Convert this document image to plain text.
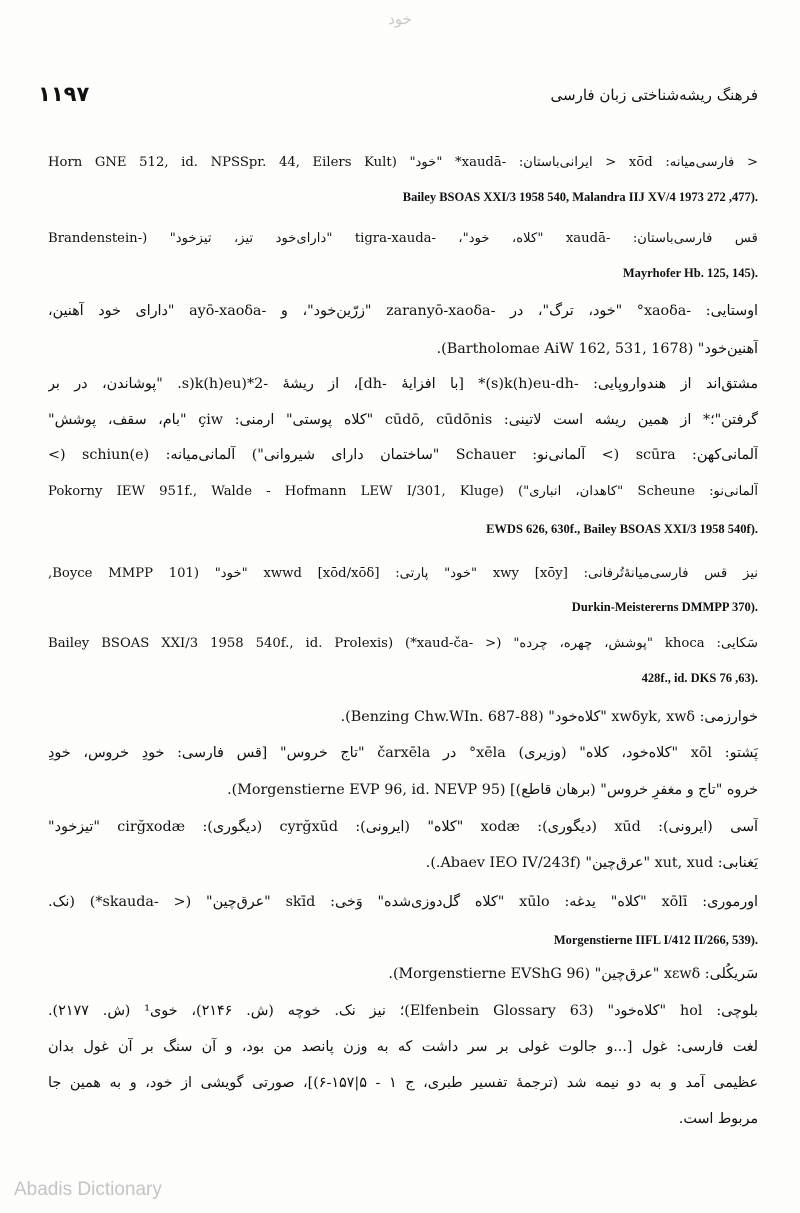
خود
۱۱۹۷	فرهنگ ریشه‌شناختی زبان فارسی
< فارسی‌میانه: xōd < ایرانی‌باستان: -xaudā* "خود" (Horn GNE 512, id. NPSSpr. 44, Eilers Kult
.(477, Bailey BSOAS XXI/3 1958 540, Malandra IIJ XV/4 1973 272
قس فارسی‌باستان: -xaudā "کلاه، خود"، -tigra-xauda "دارای‌خود تیز، تیزخود" (-Brandenstein
.(Mayrhofer Hb. 125, 145
اوستایی: -xaoδa° "خود، ترگ"، در -zaranyō-xaoδa "زرّین‌خود"، و -ayō-xaoδa "دارای خود آهنین،
آهنین‌خود" (Bartholomae AiW 162, 531, 1678).
مشتق‌اند از هندواروپایی: -s)k(h)eu-dh)* [با افزایهٔ -dh]، از ریشهٔ -s)k(h)eu)*2. "پوشاندن، در بر
گرفتن"؛* از همین ریشه است لاتینی: cūdō, cūdōnis "کلاه پوستی" ارمنی: çiw "بام، سقف، پوشش"
آلمانی‌کهن: scūra (> آلمانی‌نو: Schauer "ساختمان دارای شیروانی") آلمانی‌میانه: schiun(e) (>
آلمانی‌نو: Scheune "کاهدان، انباری") (Pokorny IEW 951f., Walde - Hofmann LEW I/301, Kluge
.(EWDS 626, 630f., Bailey BSOAS XXI/3 1958 540f
نیز قس فارسی‌میانهٔ‌تُرفانی: xwy [xōy] "خود" پارتی: xwwd [xōd/xōδ] "خود" (Boyce MMPP 101,
.(Durkin-Meistererns DMMPP 370
سَکایی: khoca "پوشش، چهره، چرده" (< -xaud-ča*) (Bailey BSOAS XXI/3 1958 540f., id. Prolexis
.(63, 428f., id. DKS 76
خوارزمی: xwδyk, xwδ "کلاه‌خود" (Benzing Chw.WIn. 687-88).
پَشتو: xōl "کلاه‌خود، کلاه" (وزیری) xēla° در čarxēla "تاج خروس" [قس فارسی: خودِ خروس، خودِ
خروه "تاج و مغفرِ خروس" (برهان قاطع)] (Morgenstierne EVP 96, id. NEVP 95).
آسی (ایرونی): xūd (دیگوری): xodæ "کلاه" (ایرونی): cyrğxūd (دیگوری): cirğxodæ "تیزخود"
یَغنابی: xut, xud "عرق‌چین" (Abaev IEO IV/243f.).
اورموری: xōlī "کلاه" یدغه: xūlo "کلاه گل‌دوزی‌شده" وَخی: skīd "عرق‌چین" (< -skauda*) (نک.
.(Morgenstierne IIFL I/412 II/266, 539
سَریکُلی: xɛwδ "عرق‌چین" (Morgenstierne EVShG 96).
بلوچی: hol "کلاه‌خود" (Elfenbein Glossary 63)؛ نیز نک. خوچه (ش. ۲۱۴۶)، خوی¹ (ش. ۲۱۷۷).
لغت فارسی: غول [...و جالوت غولی بر سر داشت که به وزن پانصد من بود، و آن سنگ بر آن غول بدان
عظیمی آمد و به دو نیمه شد (ترجمهٔ تفسیر طبری، ج ۱ - ۵|۱۵۷-۶)]، صورتی گویشی از خود، و به همین جا
مربوط است.
Abadis Dictionary
